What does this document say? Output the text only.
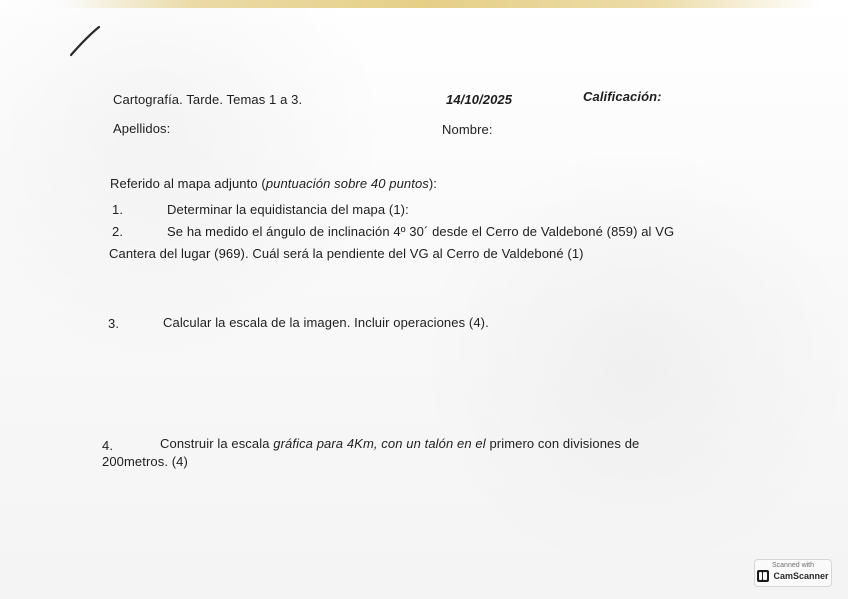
Cartografía. Tarde. Temas 1 a 3.	14/10/2025	Calificación:
Apellidos:	Nombre:
Referido al mapa adjunto (puntuación sobre 40 puntos):
1.	Determinar la equidistancia del mapa (1):
2.	Se ha medido el ángulo de inclinación 4º 30´ desde el Cerro de Valdeboné (859) al VG
Cantera del lugar (969). Cuál será la pendiente del VG al Cerro de Valdeboné (1)
3.	Calcular la escala de la imagen. Incluir operaciones (4).
4.	Construir la escala gráfica para 4Km, con un talón en el primero con divisiones de
200metros. (4)
Scanned with
CamScanner
